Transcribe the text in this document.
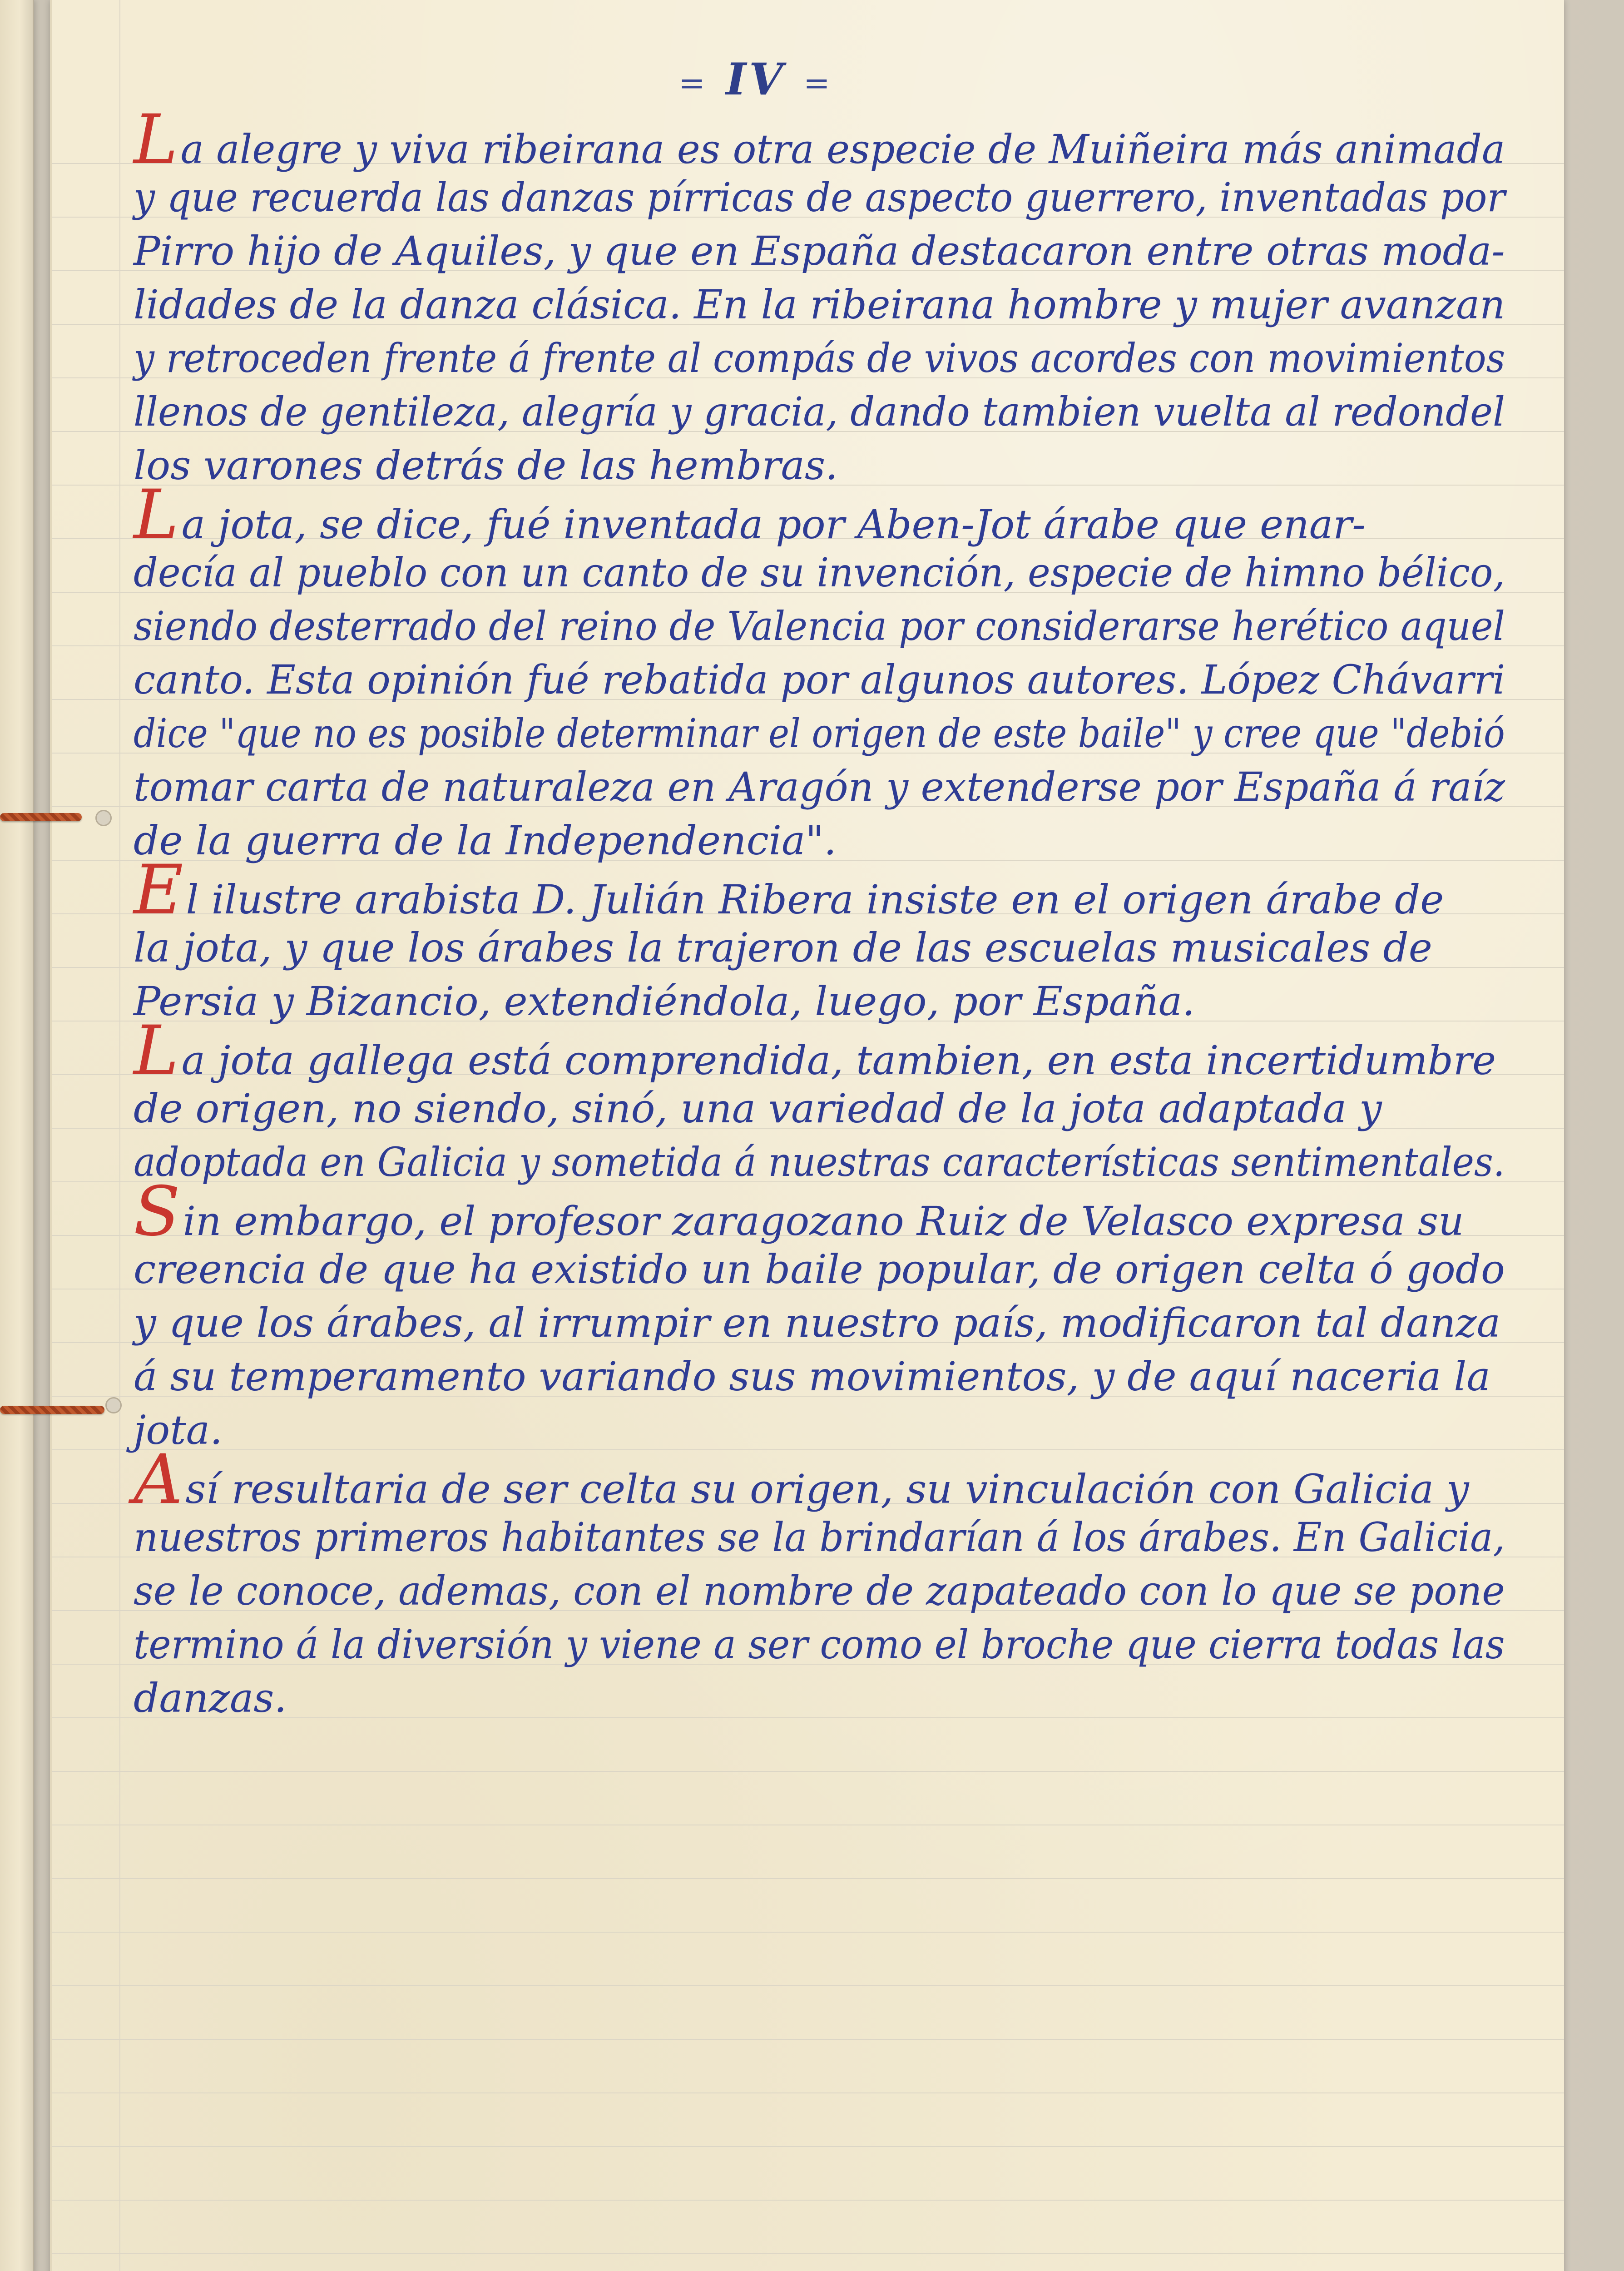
= IV =
La alegre y viva ribeirana es otra especie de Muiñeira más animada
y que recuerda las danzas pírricas de aspecto guerrero, inventadas por
Pirro hijo de Aquiles, y que en España destacaron entre otras moda-
lidades de la danza clásica. En la ribeirana hombre y mujer avanzan
y retroceden frente á frente al compás de vivos acordes con movimientos
llenos de gentileza, alegría y gracia, dando tambien vuelta al redondel
los varones detrás de las hembras.
La jota, se dice, fué inventada por Aben-Jot árabe que enar-
decía al pueblo con un canto de su invención, especie de himno bélico,
siendo desterrado del reino de Valencia por considerarse herético aquel
canto. Esta opinión fué rebatida por algunos autores. López Chávarri
dice "que no es posible determinar el origen de este baile" y cree que "debió
tomar carta de naturaleza en Aragón y extenderse por España á raíz
de la guerra de la Independencia".
El ilustre arabista D. Julián Ribera insiste en el origen árabe de
la jota, y que los árabes la trajeron de las escuelas musicales de
Persia y Bizancio, extendiéndola, luego, por España.
La jota gallega está comprendida, tambien, en esta incertidumbre
de origen, no siendo, sinó, una variedad de la jota adaptada y
adoptada en Galicia y sometida á nuestras características sentimentales.
Sin embargo, el profesor zaragozano Ruiz de Velasco expresa su
creencia de que ha existido un baile popular, de origen celta ó godo
y que los árabes, al irrumpir en nuestro país, modificaron tal danza
á su temperamento variando sus movimientos, y de aquí naceria la
jota.
Así resultaria de ser celta su origen, su vinculación con Galicia y
nuestros primeros habitantes se la brindarían á los árabes. En Galicia,
se le conoce, ademas, con el nombre de zapateado con lo que se pone
termino á la diversión y viene a ser como el broche que cierra todas las
danzas.
